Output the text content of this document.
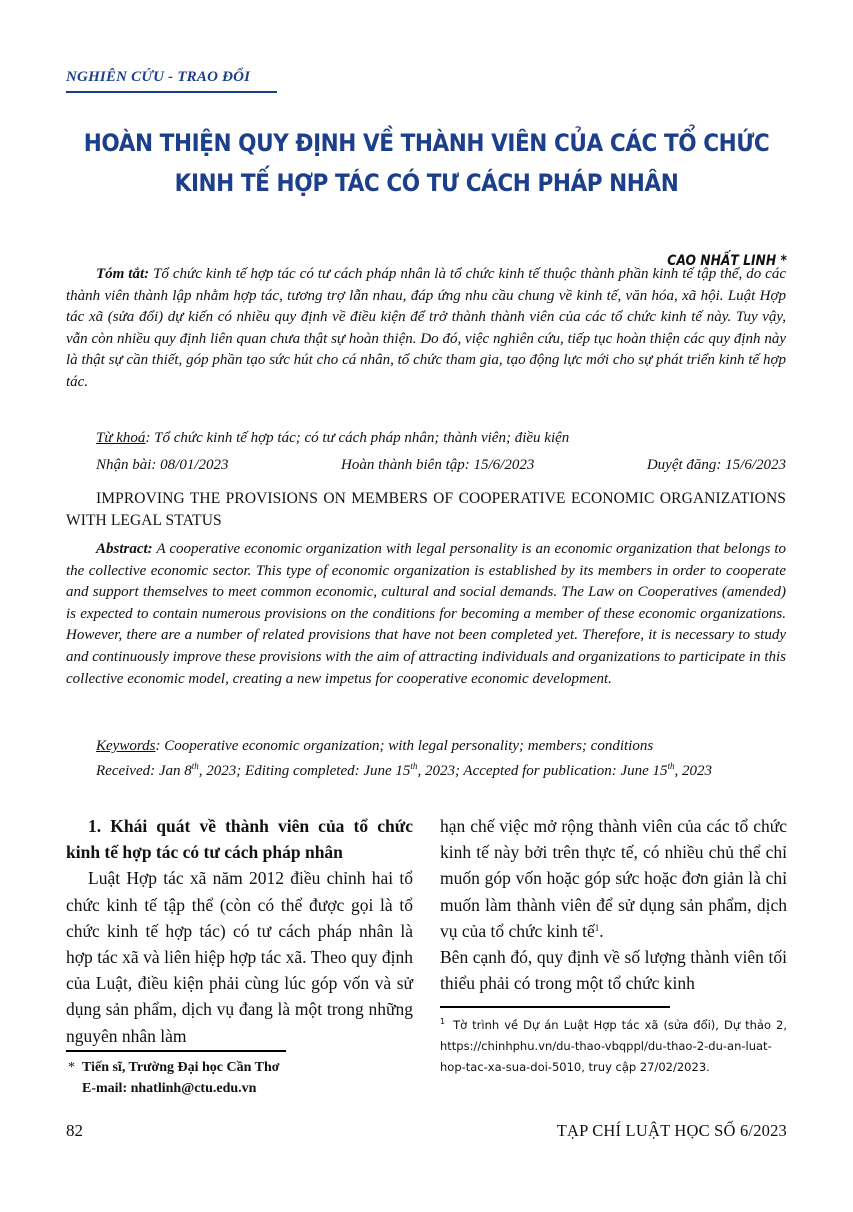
NGHIÊN CỨU - TRAO ĐỔI
HOÀN THIỆN QUY ĐỊNH VỀ THÀNH VIÊN CỦA CÁC TỔ CHỨC
KINH TẾ HỢP TÁC CÓ TƯ CÁCH PHÁP NHÂN
CAO NHẤT LINH *
Tóm tắt: Tổ chức kinh tế hợp tác có tư cách pháp nhân là tổ chức kinh tế thuộc thành phần kinh tế tập thể, do các thành viên thành lập nhằm hợp tác, tương trợ lẫn nhau, đáp ứng nhu cầu chung về kinh tế, văn hóa, xã hội. Luật Hợp tác xã (sửa đổi) dự kiến có nhiều quy định về điều kiện để trở thành thành viên của các tổ chức kinh tế này. Tuy vậy, vẫn còn nhiều quy định liên quan chưa thật sự hoàn thiện. Do đó, việc nghiên cứu, tiếp tục hoàn thiện các quy định này là thật sự cần thiết, góp phần tạo sức hút cho cá nhân, tổ chức tham gia, tạo động lực mới cho sự phát triển kinh tế hợp tác.
Từ khoá: Tổ chức kinh tế hợp tác; có tư cách pháp nhân; thành viên; điều kiện
Nhận bài: 08/01/2023	Hoàn thành biên tập: 15/6/2023	Duyệt đăng: 15/6/2023
IMPROVING THE PROVISIONS ON MEMBERS OF COOPERATIVE ECONOMIC ORGANIZATIONS WITH LEGAL STATUS
Abstract: A cooperative economic organization with legal personality is an economic organization that belongs to the collective economic sector. This type of economic organization is established by its members in order to cooperate and support themselves to meet common economic, cultural and social demands. The Law on Cooperatives (amended) is expected to contain numerous provisions on the conditions for becoming a member of these economic organizations. However, there are a number of related provisions that have not been completed yet. Therefore, it is necessary to study and continuously improve these provisions with the aim of attracting individuals and organizations to participate in this collective economic model, creating a new impetus for cooperative economic development.
Keywords: Cooperative economic organization; with legal personality; members; conditions
Received: Jan 8th, 2023; Editing completed: June 15th, 2023; Accepted for publication: June 15th, 2023
1. Khái quát về thành viên của tổ chức kinh tế hợp tác có tư cách pháp nhân
Luật Hợp tác xã năm 2012 điều chỉnh hai tổ chức kinh tế tập thể (còn có thể được gọi là tổ chức kinh tế hợp tác) có tư cách pháp nhân là hợp tác xã và liên hiệp hợp tác xã. Theo quy định của Luật, điều kiện phải cùng lúc góp vốn và sử dụng sản phẩm, dịch vụ đang là một trong những nguyên nhân làm
hạn chế việc mở rộng thành viên của các tổ chức kinh tế này bởi trên thực tế, có nhiều chủ thể chỉ muốn góp vốn hoặc góp sức hoặc đơn giản là chỉ muốn làm thành viên để sử dụng sản phẩm, dịch vụ của tổ chức kinh tế$^1$.
Bên cạnh đó, quy định về số lượng thành viên tối thiểu phải có trong một tổ chức kinh
* Tiến sĩ, Trường Đại học Cần Thơ
E-mail: nhatlinh@ctu.edu.vn
$^1$ Tờ trình về Dự án Luật Hợp tác xã (sửa đổi), Dự thảo 2, https://chinhphu.vn/du-thao-vbqppl/du-thao-2-du-an-luat-hop-tac-xa-sua-doi-5010, truy cập 27/02/2023.
82	TẠP CHÍ LUẬT HỌC SỐ 6/2023
